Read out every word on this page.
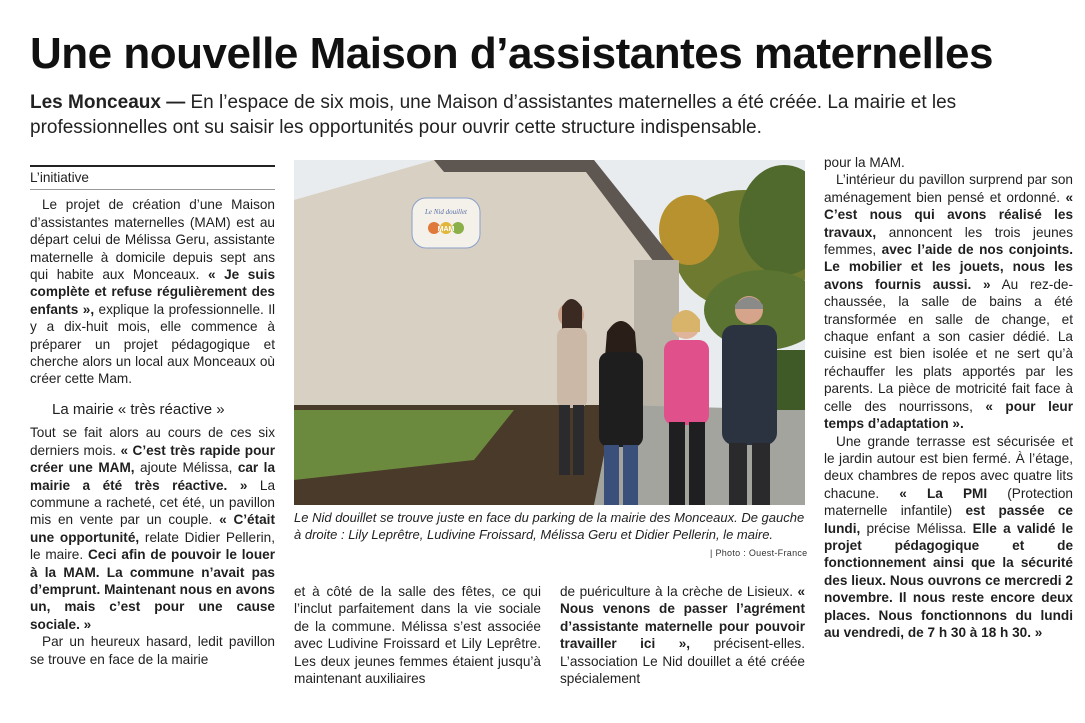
Une nouvelle Maison d’assistantes maternelles
Les Monceaux — En l’espace de six mois, une Maison d’assistantes maternelles a été créée. La mairie et les professionnelles ont su saisir les opportunités pour ouvrir cette structure indispensable.
L’initiative

Le projet de création d’une Maison d’assistantes maternelles (MAM) est au départ celui de Mélissa Geru, assistante maternelle à domicile depuis sept ans qui habite aux Monceaux. « Je suis complète et refuse régulièrement des enfants », explique la professionnelle. Il y a dix-huit mois, elle commence à préparer un projet pédagogique et cherche alors un local aux Monceaux où créer cette Mam.

La mairie « très réactive »

Tout se fait alors au cours de ces six derniers mois. « C’est très rapide pour créer une MAM, ajoute Mélissa, car la mairie a été très réactive. » La commune a racheté, cet été, un pavillon mis en vente par un couple. « C’était une opportunité, relate Didier Pellerin, le maire. Ceci afin de pouvoir le louer à la MAM. La commune n’avait pas d’emprunt. Maintenant nous en avons un, mais c’est pour une cause sociale. »

Par un heureux hasard, ledit pavillon se trouve en face de la mairie

Le Nid douillet
MAM
Le Nid douillet se trouve juste en face du parking de la mairie des Monceaux. De gauche à droite : Lily Leprêtre, Ludivine Froissard, Mélissa Geru et Didier Pellerin, le maire.
| Photo : Ouest-France

et à côté de la salle des fêtes, ce qui l’inclut parfaitement dans la vie sociale de la commune. Mélissa s’est associée avec Ludivine Froissard et Lily Leprêtre. Les deux jeunes femmes étaient jusqu’à maintenant auxiliaires

de puériculture à la crèche de Lisieux. « Nous venons de passer l’agrément d’assistante maternelle pour pouvoir travailler ici », précisent-elles. L’association Le Nid douillet a été créée spécialement

pour la MAM.

L’intérieur du pavillon surprend par son aménagement bien pensé et ordonné. « C’est nous qui avons réalisé les travaux, annoncent les trois jeunes femmes, avec l’aide de nos conjoints. Le mobilier et les jouets, nous les avons fournis aussi. » Au rez-de-chaussée, la salle de bains a été transformée en salle de change, et chaque enfant a son casier dédié. La cuisine est bien isolée et ne sert qu’à réchauffer les plats apportés par les parents. La pièce de motricité fait face à celle des nourrissons, « pour leur temps d’adaptation ».

Une grande terrasse est sécurisée et le jardin autour est bien fermé. À l’étage, deux chambres de repos avec quatre lits chacune. « La PMI (Protection maternelle infantile) est passée ce lundi, précise Mélissa. Elle a validé le projet pédagogique et de fonctionnement ainsi que la sécurité des lieux. Nous ouvrons ce mercredi 2 novembre. Il nous reste encore deux places. Nous fonctionnons du lundi au vendredi, de 7 h 30 à 18 h 30. »
